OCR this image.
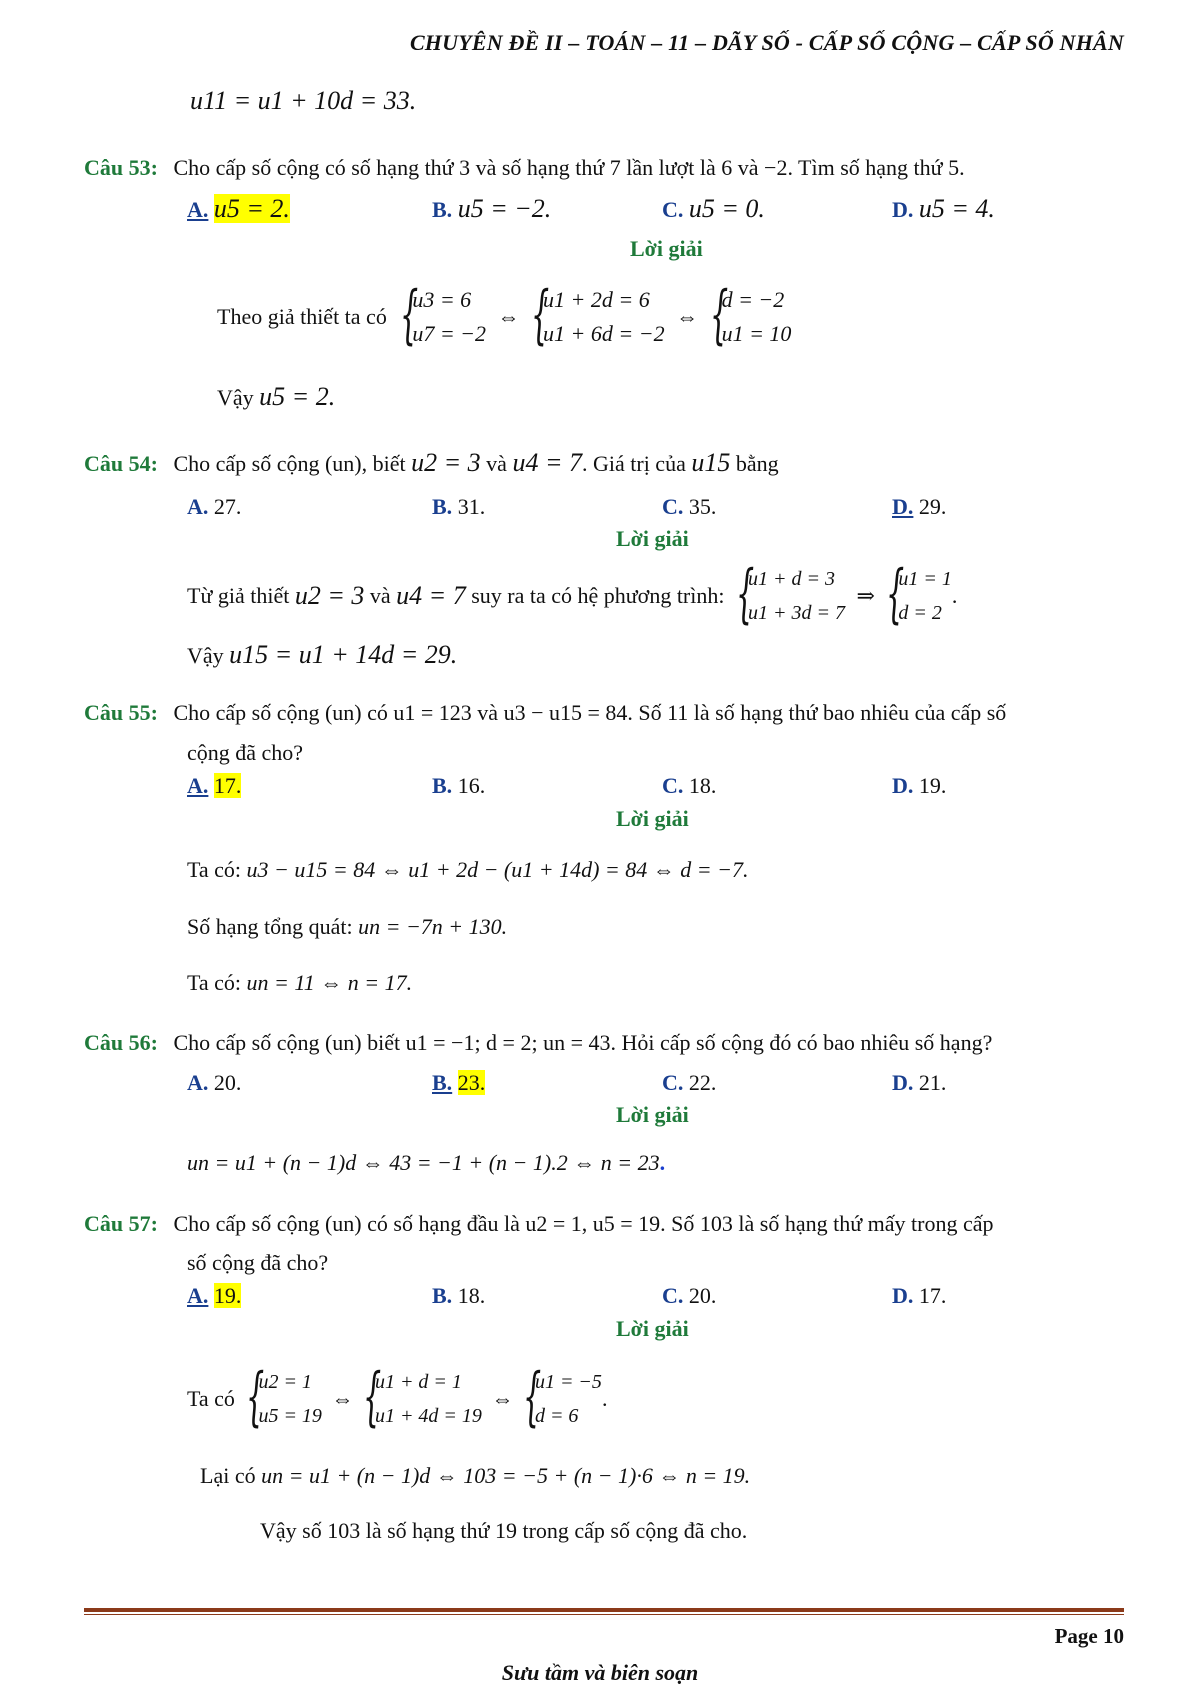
CHUYÊN ĐỀ II – TOÁN – 11 – DÃY SỐ - CẤP SỐ CỘNG – CẤP SỐ NHÂN
u11 = u1 + 10d = 33.
Câu 53: Cho cấp số cộng có số hạng thứ 3 và số hạng thứ 7 lần lượt là 6 và −2. Tìm số hạng thứ 5.
A. u5 = 2.	B. u5 = −2.	C. u5 = 0.	D. u5 = 4.
Lời giải
Theo giả thiết ta có {
u3 = 6
u7 = −2
⇔ {
u1 + 2d = 6
u1 + 6d = −2
⇔ {
d = −2
u1 = 10
Vậy u5 = 2.
Câu 54: Cho cấp số cộng (un), biết u2 = 3 và u4 = 7. Giá trị của u15 bằng
A. 27.	B. 31.	C. 35.	D. 29.
Lời giải
Từ giả thiết u2 = 3 và u4 = 7 suy ra ta có hệ phương trình: {
u1 + d = 3
u1 + 3d = 7
⇒ {
u1 = 1
d = 2
.
Vậy u15 = u1 + 14d = 29.
Câu 55: Cho cấp số cộng (un) có u1 = 123 và u3 − u15 = 84. Số 11 là số hạng thứ bao nhiêu của cấp số
cộng đã cho?
A. 17.	B. 16.	C. 18.	D. 19.
Lời giải
Ta có: u3 − u15 = 84 ⇔ u1 + 2d − (u1 + 14d) = 84 ⇔ d = −7.
Số hạng tổng quát: un = −7n + 130.
Ta có: un = 11 ⇔ n = 17.
Câu 56: Cho cấp số cộng (un) biết u1 = −1; d = 2; un = 43. Hỏi cấp số cộng đó có bao nhiêu số hạng?
A. 20.	B. 23.	C. 22.	D. 21.
Lời giải
un = u1 + (n − 1)d ⇔ 43 = −1 + (n − 1).2 ⇔ n = 23.
Câu 57: Cho cấp số cộng (un) có số hạng đầu là u2 = 1, u5 = 19. Số 103 là số hạng thứ mấy trong cấp
số cộng đã cho?
A. 19.	B. 18.	C. 20.	D. 17.
Lời giải
Ta có {
u2 = 1
u5 = 19
⇔ {
u1 + d = 1
u1 + 4d = 19
⇔ {
u1 = −5
d = 6
.
Lại có un = u1 + (n − 1)d ⇔ 103 = −5 + (n − 1)·6 ⇔ n = 19.
Vậy số 103 là số hạng thứ 19 trong cấp số cộng đã cho.
Page 10
Sưu tầm và biên soạn
